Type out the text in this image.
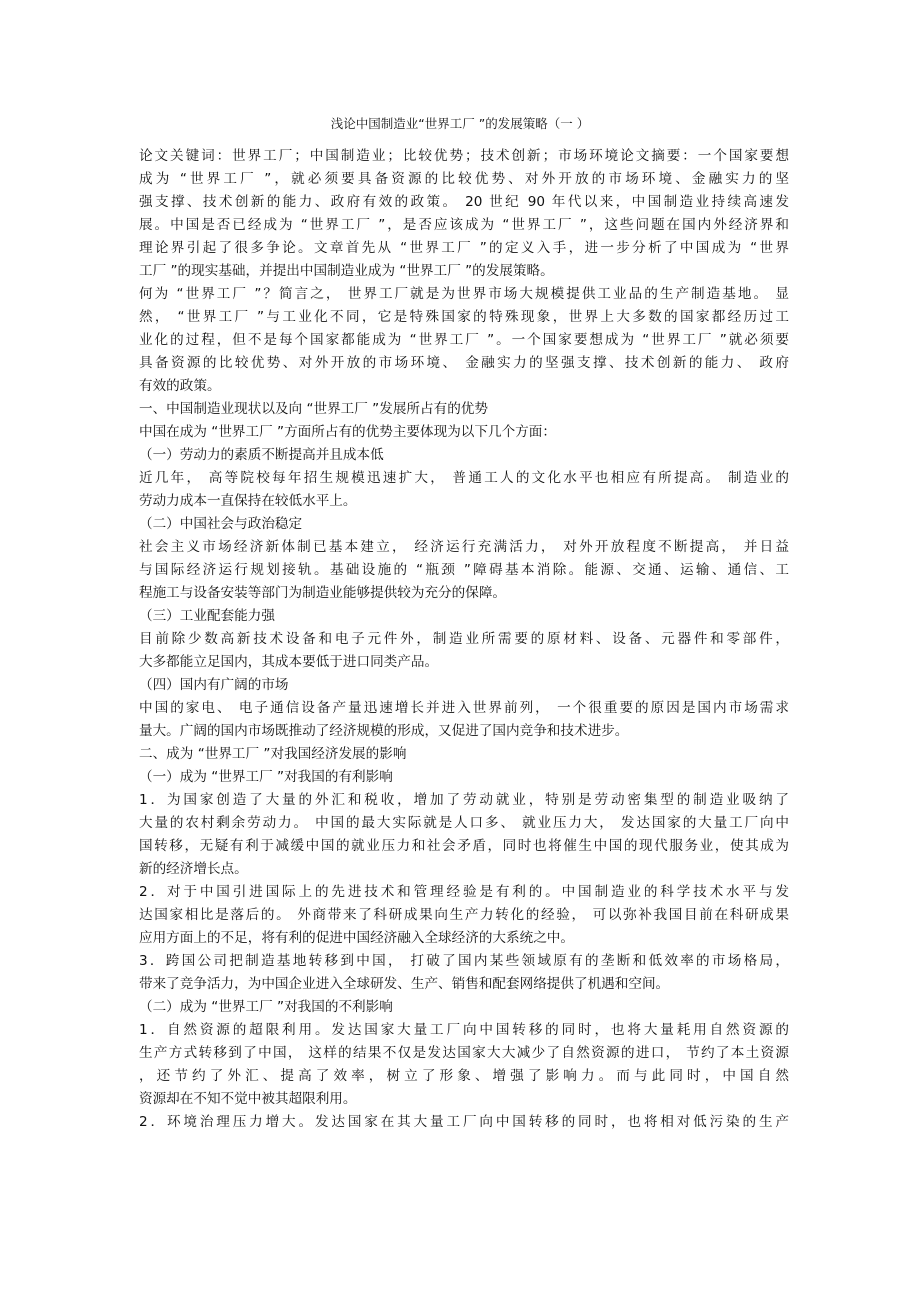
浅论中国制造业“世界工厂 ”的发展策略（一 ）
论文关键词：世界工厂；中国制造业；比较优势；技术创新；市场环境论文摘要：一个国家要想
成为 “世界工厂 ”，就必须要具备资源的比较优势、对外开放的市场环境、金融实力的坚
强支撑、技术创新的能力、政府有效的政策。 20 世纪 90 年代以来，中国制造业持续高速发
展。中国是否已经成为 “世界工厂 ”，是否应该成为 “世界工厂 ”，这些问题在国内外经济界和
理论界引起了很多争论。文章首先从 “世界工厂 ”的定义入手，进一步分析了中国成为 “世界
工厂 ”的现实基础，并提出中国制造业成为 “世界工厂 ”的发展策略。
何为 “世界工厂 ”？简言之， 世界工厂就是为世界市场大规模提供工业品的生产制造基地。 显
然， “世界工厂 ”与工业化不同，它是特殊国家的特殊现象，世界上大多数的国家都经历过工
业化的过程，但不是每个国家都能成为 “世界工厂 ”。一个国家要想成为 “世界工厂 ”就必须要
具备资源的比较优势、对外开放的市场环境、 金融实力的坚强支撑、技术创新的能力、 政府
有效的政策。
一、中国制造业现状以及向 “世界工厂 ”发展所占有的优势
中国在成为 “世界工厂 ”方面所占有的优势主要体现为以下几个方面：
（一）劳动力的素质不断提高并且成本低
近几年， 高等院校每年招生规模迅速扩大， 普通工人的文化水平也相应有所提高。 制造业的
劳动力成本一直保持在较低水平上。
（二）中国社会与政治稳定
社会主义市场经济新体制已基本建立， 经济运行充满活力， 对外开放程度不断提高， 并日益
与国际经济运行规划接轨。基础设施的 “瓶颈 ”障碍基本消除。能源、交通、运输、通信、工
程施工与设备安装等部门为制造业能够提供较为充分的保障。
（三）工业配套能力强
目前除少数高新技术设备和电子元件外，制造业所需要的原材料、设备、元器件和零部件，
大多都能立足国内，其成本要低于进口同类产品。
（四）国内有广阔的市场
中国的家电、 电子通信设备产量迅速增长并进入世界前列， 一个很重要的原因是国内市场需求
量大。广阔的国内市场既推动了经济规模的形成，又促进了国内竞争和技术进步。
二、成为 “世界工厂 ”对我国经济发展的影响
（一）成为 “世界工厂 ”对我国的有利影响
1．为国家创造了大量的外汇和税收，增加了劳动就业，特别是劳动密集型的制造业吸纳了
大量的农村剩余劳动力。 中国的最大实际就是人口多、 就业压力大， 发达国家的大量工厂向中
国转移，无疑有利于减缓中国的就业压力和社会矛盾，同时也将催生中国的现代服务业，使其成为
新的经济增长点。
2．对于中国引进国际上的先进技术和管理经验是有利的。中国制造业的科学技术水平与发
达国家相比是落后的。 外商带来了科研成果向生产力转化的经验， 可以弥补我国目前在科研成果
应用方面上的不足，将有利的促进中国经济融入全球经济的大系统之中。
3．跨国公司把制造基地转移到中国， 打破了国内某些领域原有的垄断和低效率的市场格局，
带来了竞争活力，为中国企业进入全球研发、生产、销售和配套网络提供了机遇和空间。
（二）成为 “世界工厂 ”对我国的不利影响
1．自然资源的超限利用。发达国家大量工厂向中国转移的同时，也将大量耗用自然资源的
生产方式转移到了中国， 这样的结果不仅是发达国家大大减少了自然资源的进口， 节约了本土资源
，还节约了外汇、提高了效率，树立了形象、增强了影响力。而与此同时，中国自然
资源却在不知不觉中被其超限利用。
2．环境治理压力增大。发达国家在其大量工厂向中国转移的同时，也将相对低污染的生产
